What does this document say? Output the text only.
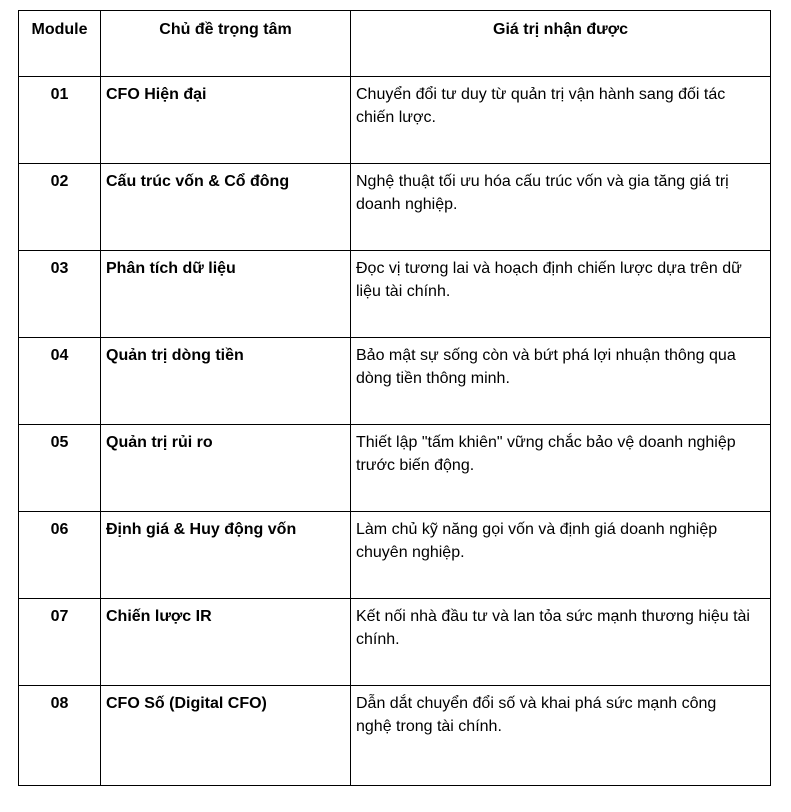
Module	Chủ đề trọng tâm	Giá trị nhận được
01	CFO Hiện đại	Chuyển đổi tư duy từ quản trị vận hành sang đối tác chiến lược.
02	Cấu trúc vốn & Cổ đông	Nghệ thuật tối ưu hóa cấu trúc vốn và gia tăng giá trị doanh nghiệp.
03	Phân tích dữ liệu	Đọc vị tương lai và hoạch định chiến lược dựa trên dữ liệu tài chính.
04	Quản trị dòng tiền	Bảo mật sự sống còn và bứt phá lợi nhuận thông qua dòng tiền thông minh.
05	Quản trị rủi ro	Thiết lập "tấm khiên" vững chắc bảo vệ doanh nghiệp trước biến động.
06	Định giá & Huy động vốn	Làm chủ kỹ năng gọi vốn và định giá doanh nghiệp chuyên nghiệp.
07	Chiến lược IR	Kết nối nhà đầu tư và lan tỏa sức mạnh thương hiệu tài chính.
08	CFO Số (Digital CFO)	Dẫn dắt chuyển đổi số và khai phá sức mạnh công nghệ trong tài chính.
